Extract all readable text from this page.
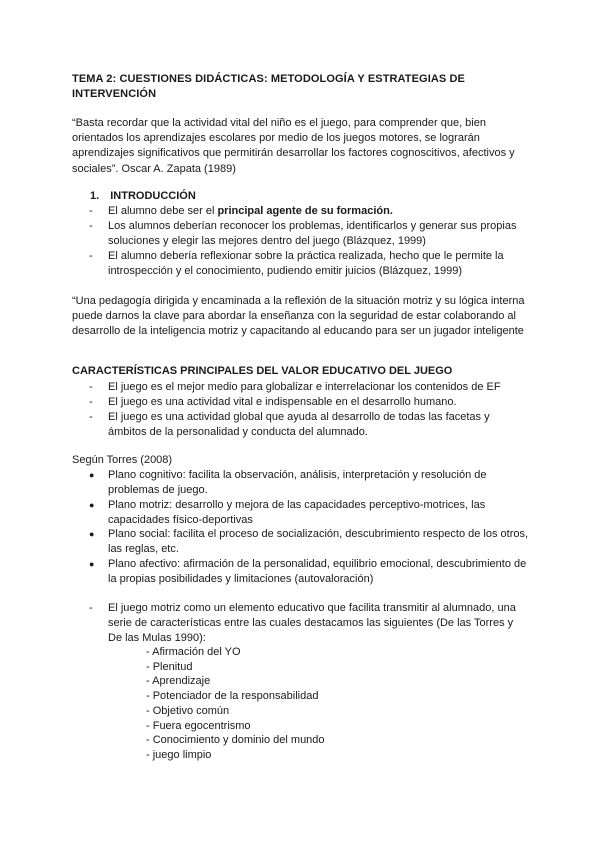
TEMA 2: CUESTIONES DIDÁCTICAS: METODOLOGÍA Y ESTRATEGIAS DE
INTERVENCIÓN

“Basta recordar que la actividad vital del niño es el juego, para comprender que, bien orientados los aprendizajes escolares por medio de los juegos motores, se lograrán aprendizajes significativos que permitirán desarrollar los factores cognoscitivos, afectivos y sociales”. Oscar A. Zapata (1989)

1. INTRODUCCIÓN
-	El alumno debe ser el principal agente de su formación.
-	Los alumnos deberían reconocer los problemas, identificarlos y generar sus propias soluciones y elegir las mejores dentro del juego (Blázquez, 1999)
-	El alumno debería reflexionar sobre la práctica realizada, hecho que le permite la introspección y el conocimiento, pudiendo emitir juicios (Blázquez, 1999)

“Una pedagogía dirigida y encaminada a la reflexión de la situación motriz y su lógica interna puede darnos la clave para abordar la enseñanza con la seguridad de estar colaborando al desarrollo de la inteligencia motriz y capacitando al educando para ser un jugador inteligente

CARACTERÍSTICAS PRINCIPALES DEL VALOR EDUCATIVO DEL JUEGO
-	El juego es el mejor medio para globalizar e interrelacionar los contenidos de EF
-	El juego es una actividad vital e indispensable en el desarrollo humano.
-	El juego es una actividad global que ayuda al desarrollo de todas las facetas y ámbitos de la personalidad y conducta del alumnado.

Según Torres (2008)

●	Plano cognitivo: facilita la observación, análisis, interpretación y resolución de problemas de juego.
●	Plano motriz: desarrollo y mejora de las capacidades perceptivo-motrices, las capacidades físico-deportivas
●	Plano social: facilita el proceso de socialización, descubrimiento respecto de los otros, las reglas, etc.
●	Plano afectivo: afirmación de la personalidad, equilibrio emocional, descubrimiento de la propias posibilidades y limitaciones (autovaloración)
-	El juego motriz como un elemento educativo que facilita transmitir al alumnado, una serie de características entre las cuales destacamos las siguientes (De las Torres y De las Mulas 1990):
- Afirmación del YO
- Plenitud
- Aprendizaje
- Potenciador de la responsabilidad
- Objetivo común
- Fuera egocentrismo
- Conocimiento y dominio del mundo
- juego limpio
